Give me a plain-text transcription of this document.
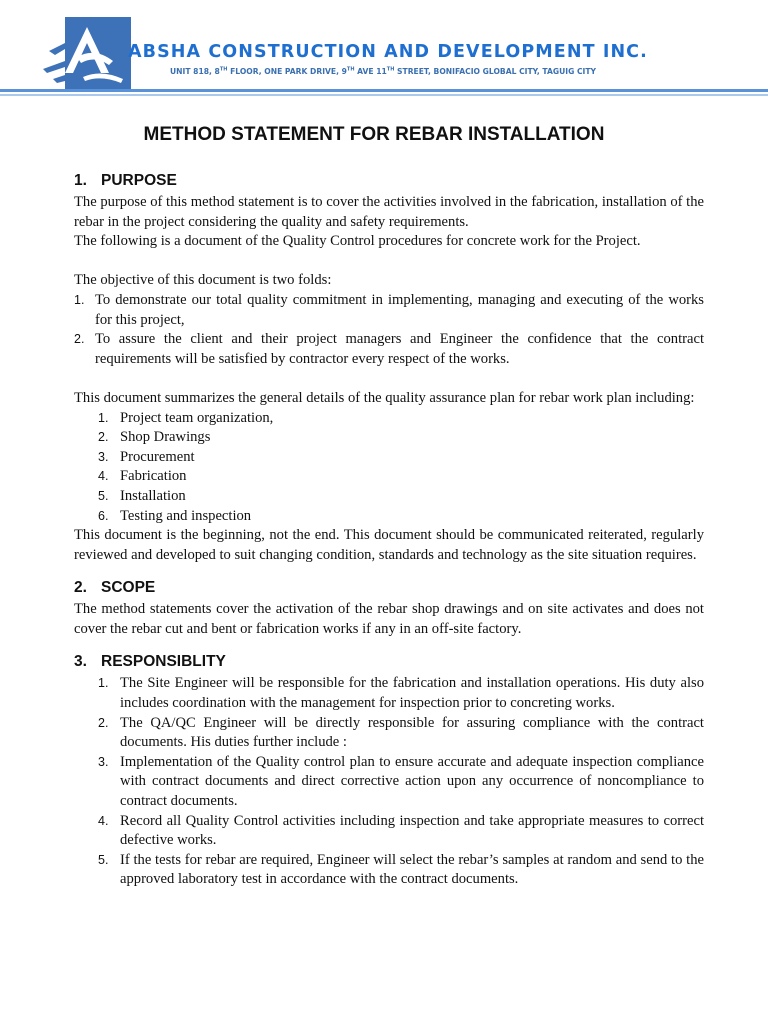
ABSHA CONSTRUCTION AND DEVELOPMENT INC.
UNIT 818, 8TH FLOOR, ONE PARK DRIVE, 9TH AVE 11TH STREET, BONIFACIO GLOBAL CITY, TAGUIG CITY
METHOD STATEMENT FOR REBAR INSTALLATION
1. PURPOSE

The purpose of this method statement is to cover the activities involved in the fabrication, installation of the rebar in the project considering the quality and safety requirements.

The following is a document of the Quality Control procedures for concrete work for the Project.

The objective of this document is two folds:

1. To demonstrate our total quality commitment in implementing, managing and executing of the works for this project,
2. To assure the client and their project managers and Engineer the confidence that the contract requirements will be satisfied by contractor every respect of the works.

This document summarizes the general details of the quality assurance plan for rebar work plan including:

1. Project team organization,
2. Shop Drawings
3. Procurement
4. Fabrication
5. Installation
6. Testing and inspection

This document is the beginning, not the end. This document should be communicated reiterated, regularly reviewed and developed to suit changing condition, standards and technology as the site situation requires.

2. SCOPE

The method statements cover the activation of the rebar shop drawings and on site activates and does not cover the rebar cut and bent or fabrication works if any in an off-site factory.

3. RESPONSIBLITY
1. The Site Engineer will be responsible for the fabrication and installation operations. His duty also includes coordination with the management for inspection prior to concreting works.
2. The QA/QC Engineer will be directly responsible for assuring compliance with the contract documents. His duties further include :
3. Implementation of the Quality control plan to ensure accurate and adequate inspection compliance with contract documents and direct corrective action upon any occurrence of noncompliance to contract documents.
4. Record all Quality Control activities including inspection and take appropriate measures to correct defective works.
5. If the tests for rebar are required, Engineer will select the rebar’s samples at random and send to the approved laboratory test in accordance with the contract documents.
